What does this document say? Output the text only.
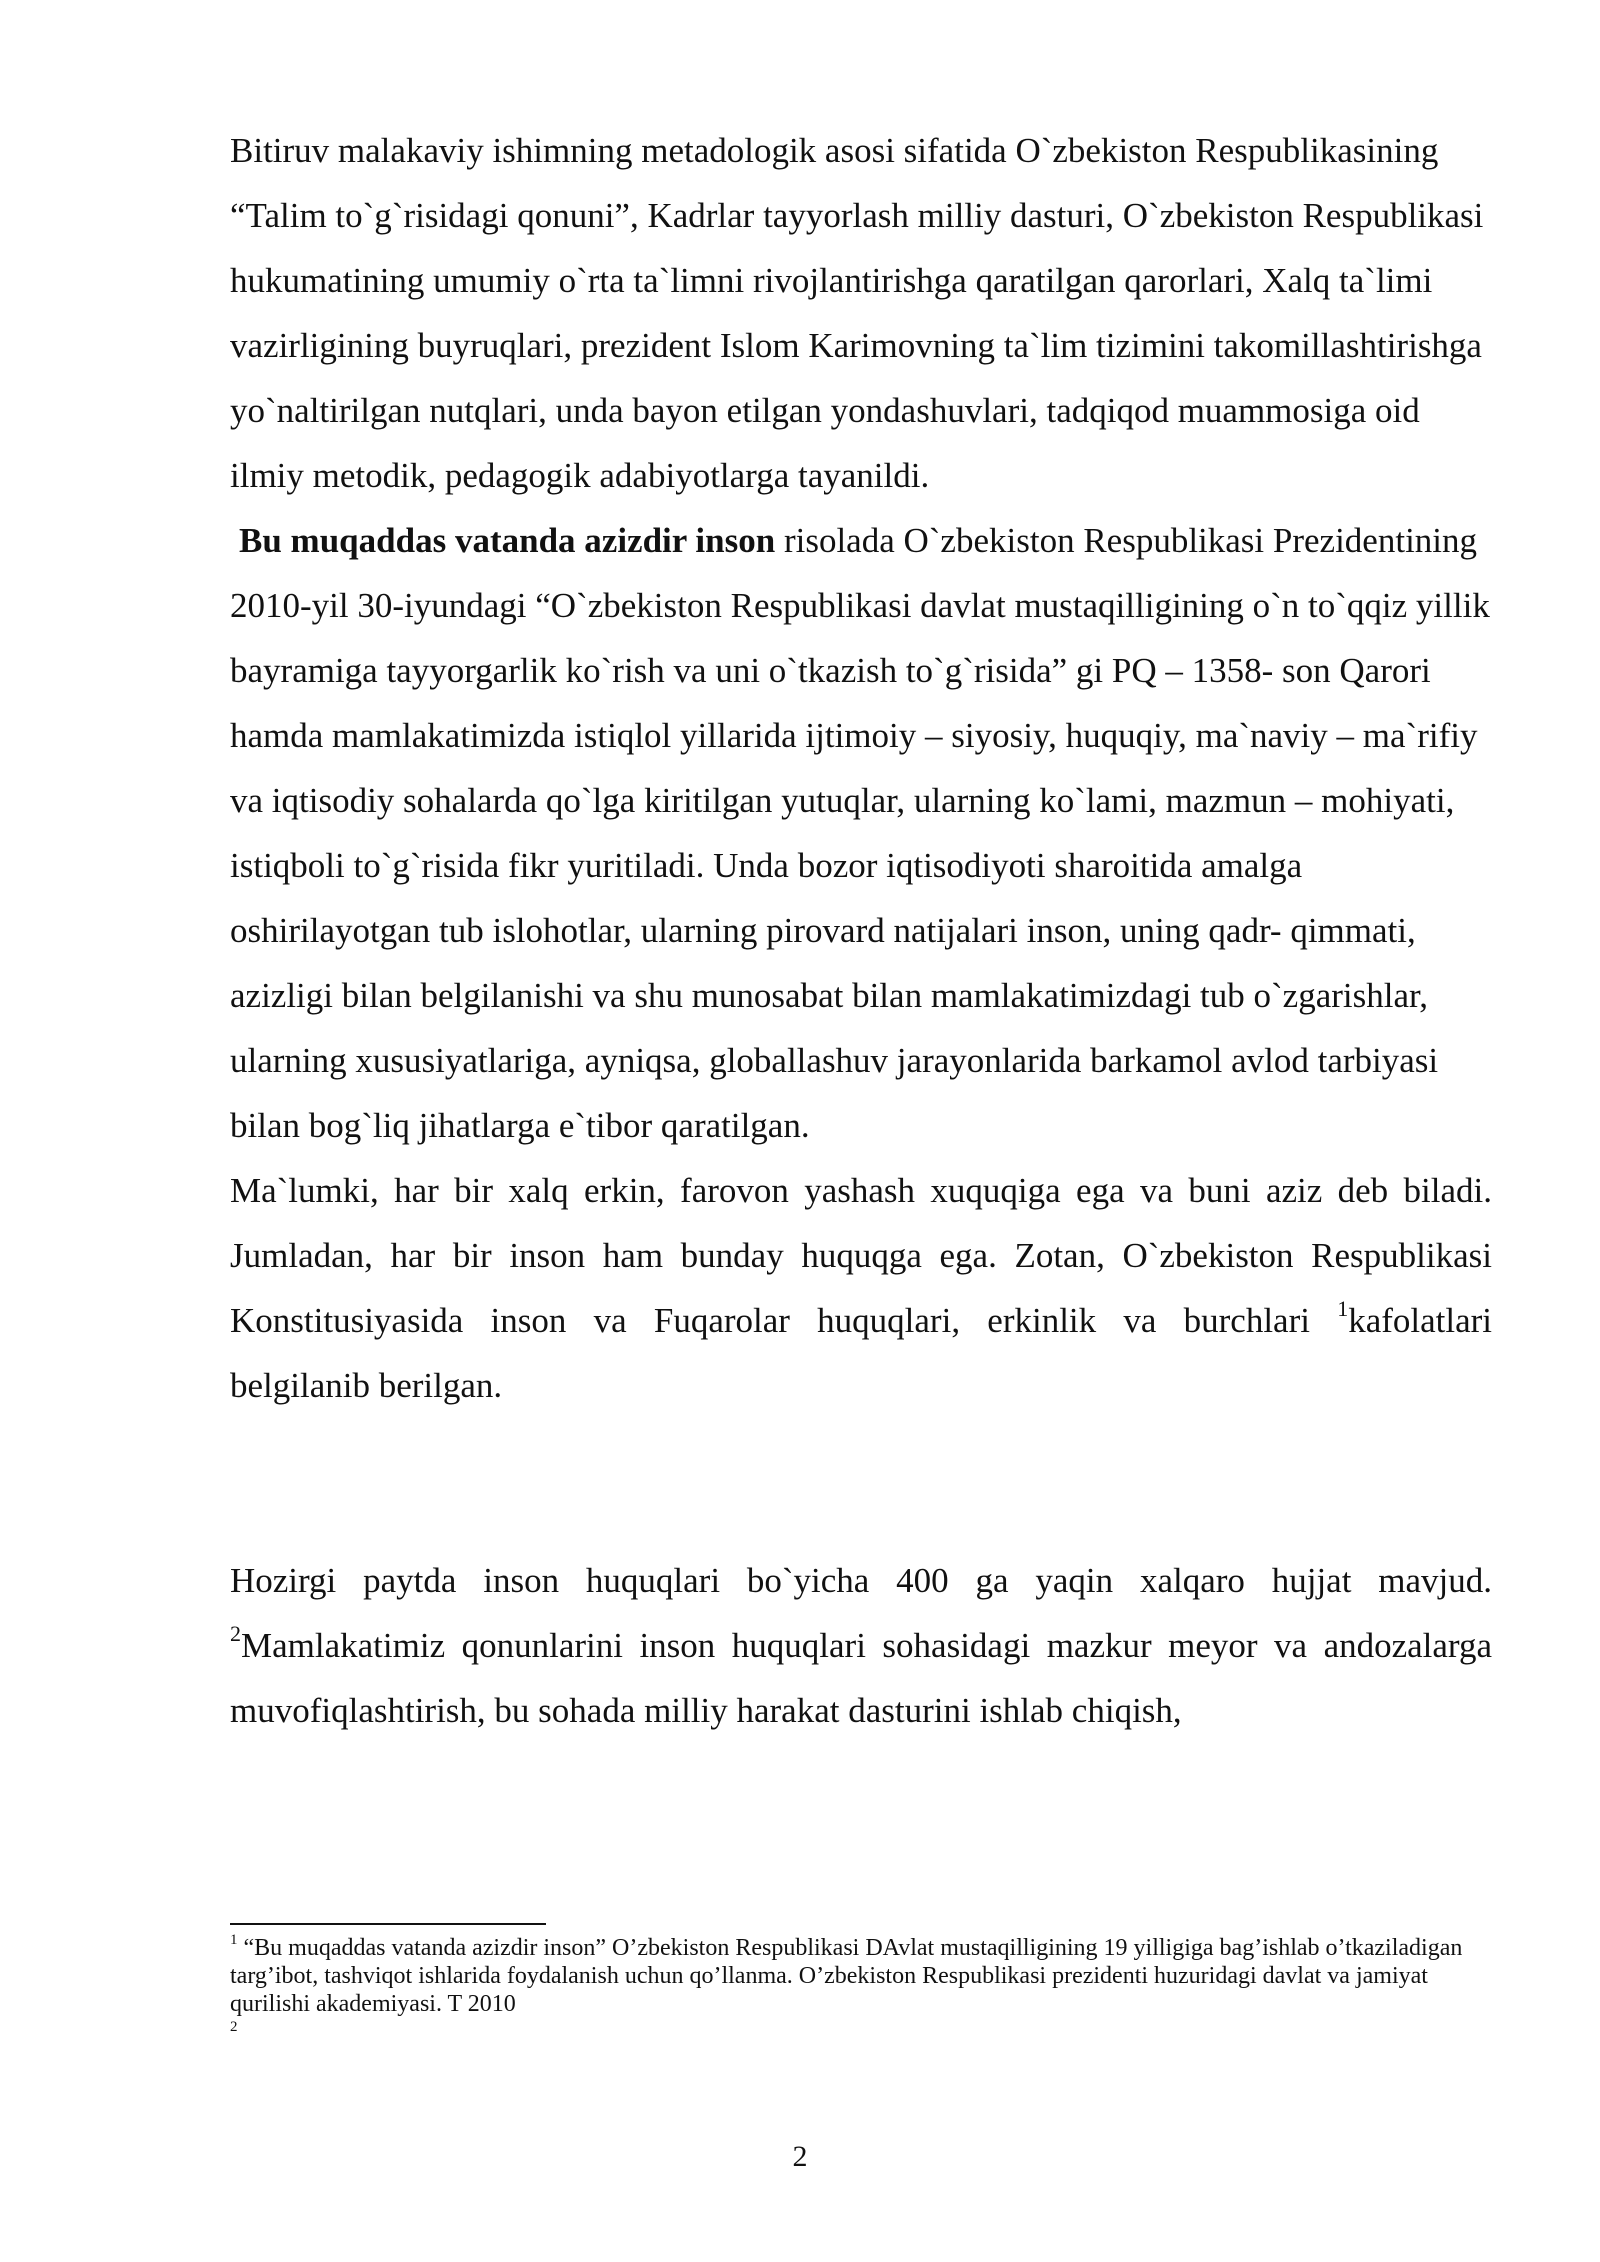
Bitiruv malakaviy ishimning metadologik asosi sifatida O`zbekiston Respublikasining “Talim to`g`risidagi qonuni”, Kadrlar tayyorlash milliy dasturi, O`zbekiston Respublikasi hukumatining umumiy o`rta ta`limni rivojlantirishga qaratilgan qarorlari, Xalq ta`limi vazirligining buyruqlari, prezident Islom Karimovning ta`lim tizimini takomillashtirishga yo`naltirilgan nutqlari, unda bayon etilgan yondashuvlari, tadqiqod muammosiga oid ilmiy metodik, pedagogik adabiyotlarga tayanildi.

Bu muqaddas vatanda azizdir inson risolada O`zbekiston Respublikasi Prezidentining 2010-yil 30-iyundagi “O`zbekiston Respublikasi davlat mustaqilligining o`n to`qqiz yillik bayramiga tayyorgarlik ko`rish va uni o`tkazish to`g`risida” gi PQ – 1358- son Qarori hamda mamlakatimizda istiqlol yillarida ijtimoiy – siyosiy, huquqiy, ma`naviy – ma`rifiy va iqtisodiy sohalarda qo`lga kiritilgan yutuqlar, ularning ko`lami, mazmun – mohiyati, istiqboli to`g`risida fikr yuritiladi. Unda bozor iqtisodiyoti sharoitida amalga oshirilayotgan tub islohotlar, ularning pirovard natijalari inson, uning qadr- qimmati, azizligi bilan belgilanishi va shu munosabat bilan mamlakatimizdagi tub o`zgarishlar, ularning xususiyatlariga, ayniqsa, globallashuv jarayonlarida barkamol avlod tarbiyasi bilan bog`liq jihatlarga e`tibor qaratilgan.

Ma`lumki, har bir xalq erkin, farovon yashash xuquqiga ega va buni aziz deb biladi. Jumladan, har bir inson ham bunday huquqga ega. Zotan, O`zbekiston Respublikasi Konstitusiyasida inson va Fuqarolar huquqlari, erkinlik va burchlari $^1$kafolatlari belgilanib berilgan.

Hozirgi paytda inson huquqlari bo`yicha 400 ga yaqin xalqaro hujjat mavjud. $^2$Mamlakatimiz qonunlarini inson huquqlari sohasidagi mazkur meyor va andozalarga muvofiqlashtirish, bu sohada milliy harakat dasturini ishlab chiqish,

$^1$ “Bu muqaddas vatanda azizdir inson” O’zbekiston Respublikasi DAvlat mustaqilligining 19 yilligiga bag’ishlab o’tkaziladigan targ’ibot, tashviqot ishlarida foydalanish uchun qo’llanma. O’zbekiston Respublikasi prezidenti huzuridagi davlat va jamiyat qurilishi akademiyasi. T 2010

2

2
